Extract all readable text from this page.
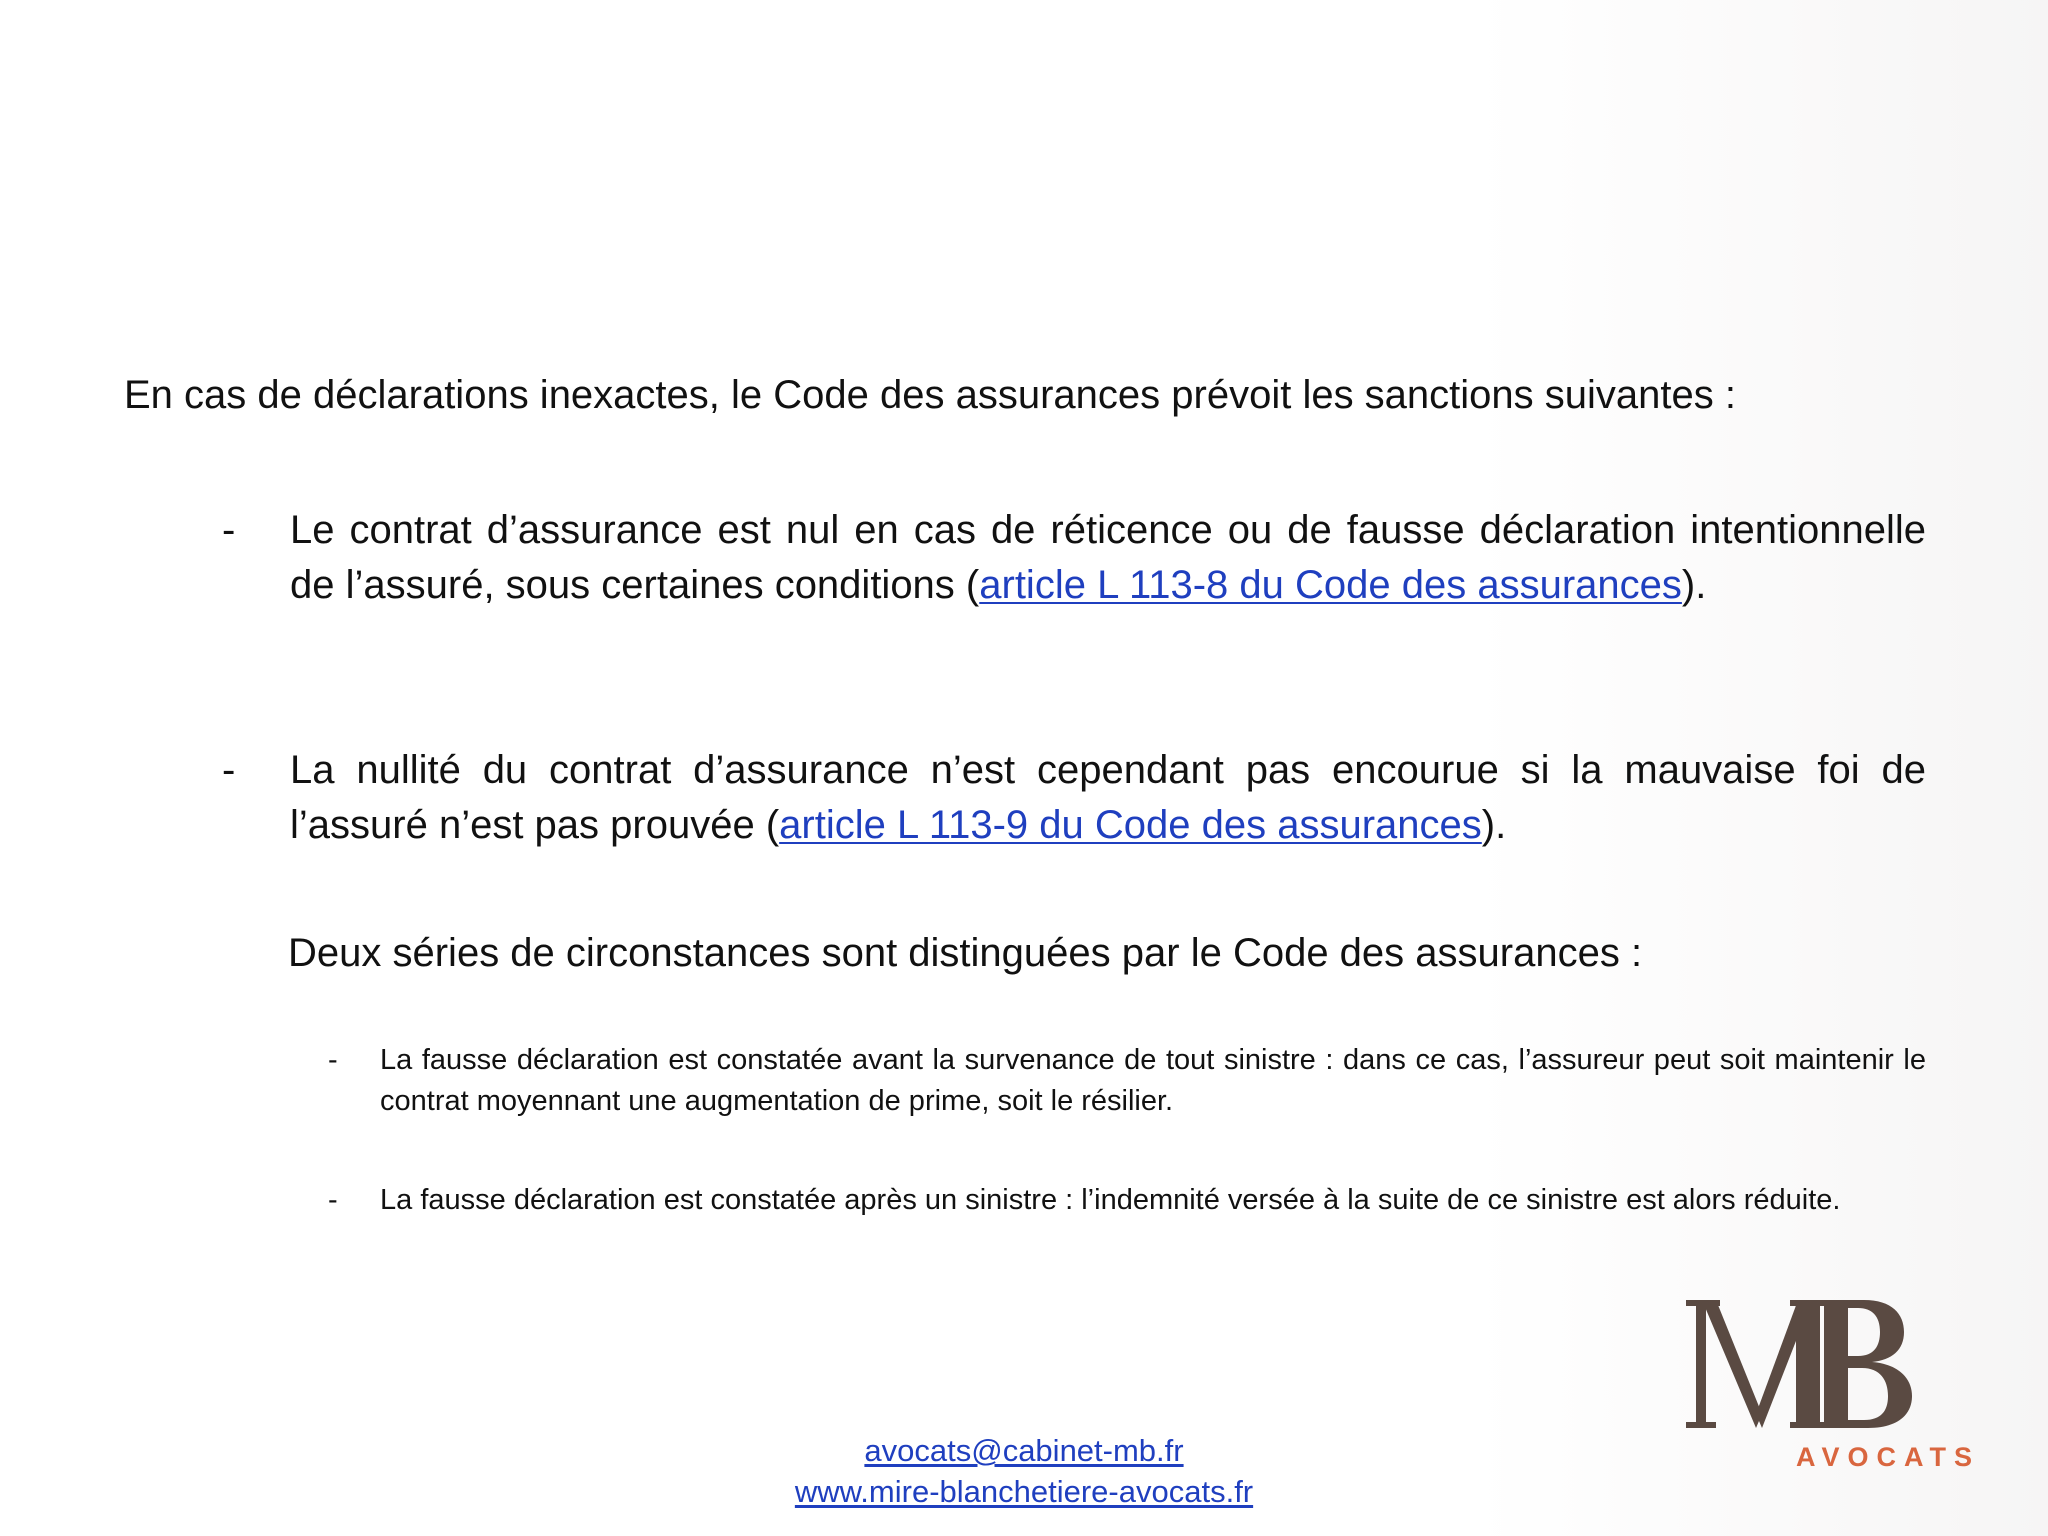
En cas de déclarations inexactes, le Code des assurances prévoit les sanctions suivantes :

- Le contrat d’assurance est nul en cas de réticence ou de fausse déclaration intentionnelle de l’assuré, sous certaines conditions (article L 113-8 du Code des assurances).
- La nullité du contrat d’assurance n’est cependant pas encourue si la mauvaise foi de l’assuré n’est pas prouvée (article L 113-9 du Code des assurances).

Deux séries de circonstances sont distinguées par le Code des assurances :

- La fausse déclaration est constatée avant la survenance de tout sinistre : dans ce cas, l’assureur peut soit maintenir le contrat moyennant une augmentation de prime, soit le résilier.
- La fausse déclaration est constatée après un sinistre : l’indemnité versée à la suite de ce sinistre est alors réduite.
avocats@cabinet-mb.fr
www.mire-blanchetiere-avocats.fr

AVOCATS
